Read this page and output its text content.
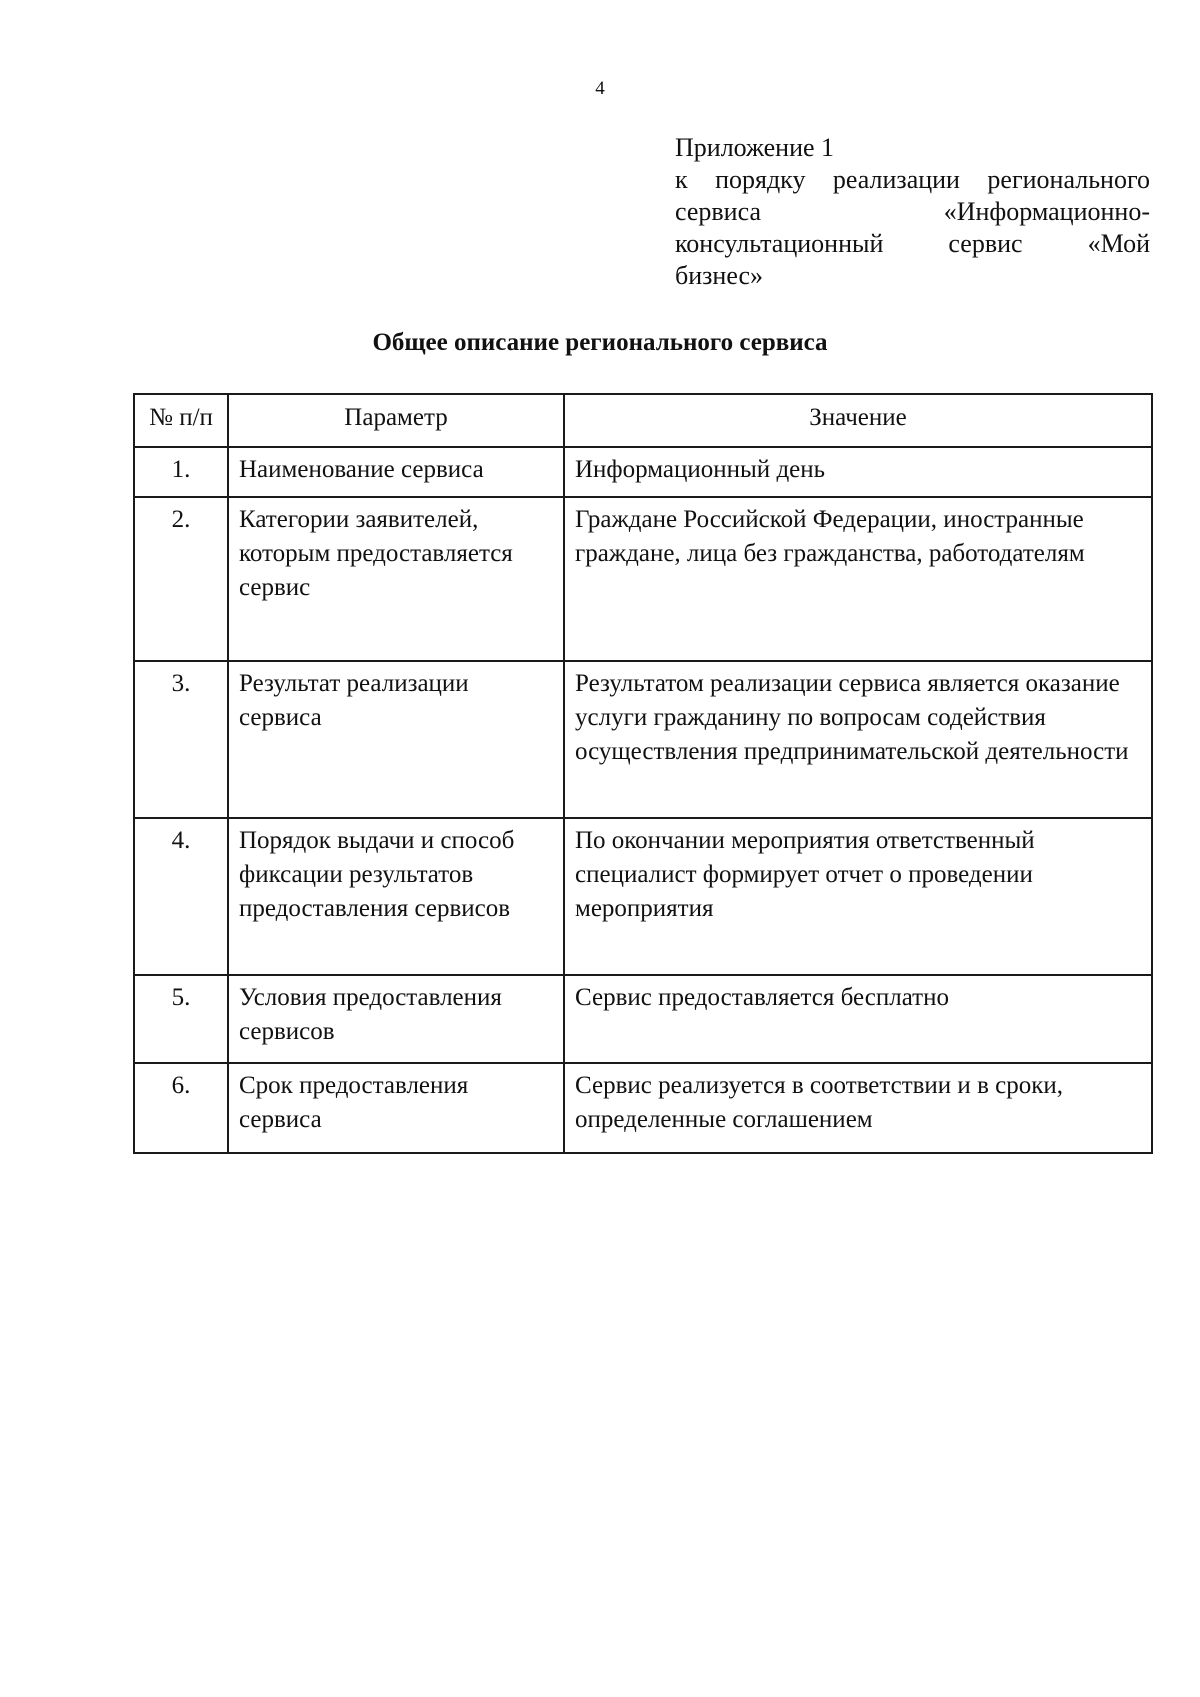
4
Приложение 1
к порядку реализации регионального
сервиса «Информационно-
консультационный сервис «Мой
бизнес»
Общее описание регионального сервиса
№ п/п	Параметр	Значение
1.	Наименование сервиса	Информационный день
2.	Категории заявителей, которым предоставляется сервис	Граждане Российской Федерации, иностранные граждане, лица без гражданства, работодателям
3.	Результат реализации сервиса	Результатом реализации сервиса является оказание услуги гражданину по вопросам содействия осуществления предпринимательской деятельности
4.	Порядок выдачи и способ фиксации результатов предоставления сервисов	По окончании мероприятия ответственный специалист формирует отчет о проведении мероприятия
5.	Условия предоставления сервисов	Сервис предоставляется бесплатно
6.	Срок предоставления сервиса	Сервис реализуется в соответствии и в сроки, определенные соглашением
